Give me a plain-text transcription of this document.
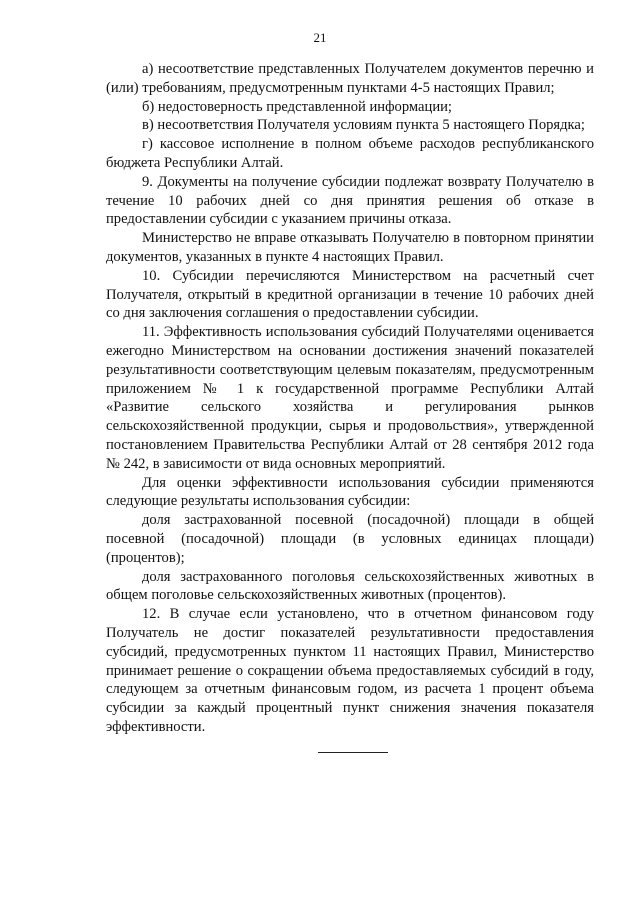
21

а) несоответствие представленных Получателем документов перечню и (или) требованиям, предусмотренным пунктами 4-5 настоящих Правил;

б) недостоверность представленной информации;

в) несоответствия Получателя условиям пункта 5 настоящего Порядка;

г) кассовое исполнение в полном объеме расходов республиканского бюджета Республики Алтай.

9. Документы на получение субсидии подлежат возврату Получателю в течение 10 рабочих дней со дня принятия решения об отказе в предоставлении субсидии с указанием причины отказа.

Министерство не вправе отказывать Получателю в повторном принятии документов, указанных в пункте 4 настоящих Правил.

10. Субсидии перечисляются Министерством на расчетный счет Получателя, открытый в кредитной организации в течение 10 рабочих дней со дня заключения соглашения о предоставлении субсидии.

11. Эффективность использования субсидий Получателями оценивается ежегодно Министерством на основании достижения значений показателей результативности соответствующим целевым показателям, предусмотренным приложением № 1 к государственной программе Республики Алтай «Развитие сельского хозяйства и регулирования рынков сельскохозяйственной продукции, сырья и продовольствия», утвержденной постановлением Правительства Республики Алтай от 28 сентября 2012 года № 242, в зависимости от вида основных мероприятий.

Для оценки эффективности использования субсидии применяются следующие результаты использования субсидии:

доля застрахованной посевной (посадочной) площади в общей посевной (посадочной) площади (в условных единицах площади) (процентов);

доля застрахованного поголовья сельскохозяйственных животных в общем поголовье сельскохозяйственных животных (процентов).

12. В случае если установлено, что в отчетном финансовом году Получатель не достиг показателей результативности предоставления субсидий, предусмотренных пунктом 11 настоящих Правил, Министерство принимает решение о сокращении объема предоставляемых субсидий в году, следующем за отчетным финансовым годом, из расчета 1 процент объема субсидии за каждый процентный пункт снижения значения показателя эффективности.
